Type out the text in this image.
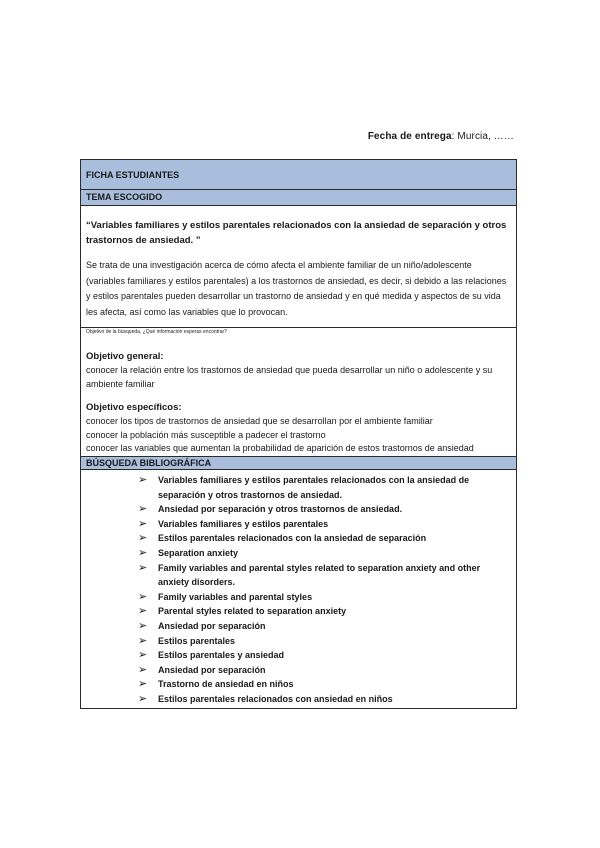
Fecha de entrega: Murcia, ……
FICHA ESTUDIANTES
TEMA ESCOGIDO

“Variables familiares y estilos parentales relacionados con la ansiedad de separación y otros trastornos de ansiedad. ”

Se trata de una investigación acerca de cómo afecta el ambiente familiar de un niño/adolescente (variables familiares y estilos parentales) a los trastornos de ansiedad, es decir, si debido a las relaciones y estilos parentales pueden desarrollar un trastorno de ansiedad y en qué medida y aspectos de su vida les afecta, así como las variables que lo provocan.

Objetivo de la búsqueda, ¿Qué información esperas encontrar?

Objetivo general:

conocer la relación entre los trastornos de ansiedad que pueda desarrollar un niño o adolescente y su ambiente familiar

Objetivo específicos:

conocer los tipos de trastornos de ansiedad que se desarrollan por el ambiente familiar

conocer la población más susceptible a padecer el trastorno

conocer las variables que aumentan la probabilidad de aparición de estos trastornos de ansiedad

BÚSQUEDA BIBLIOGRÁFICA

➢ Variables familiares y estilos parentales relacionados con la ansiedad de separación y otros trastornos de ansiedad.
➢ Ansiedad por separación y otros trastornos de ansiedad.
➢ Variables familiares y estilos parentales
➢ Estilos parentales relacionados con la ansiedad de separación
➢ Separation anxiety
➢ Family variables and parental styles related to separation anxiety and other anxiety disorders.
➢ Family variables and parental styles
➢ Parental styles related to separation anxiety
➢ Ansiedad por separación
➢ Estilos parentales
➢ Estilos parentales y ansiedad
➢ Ansiedad por separación
➢ Trastorno de ansiedad en niños
➢ Estilos parentales relacionados con ansiedad en niños
